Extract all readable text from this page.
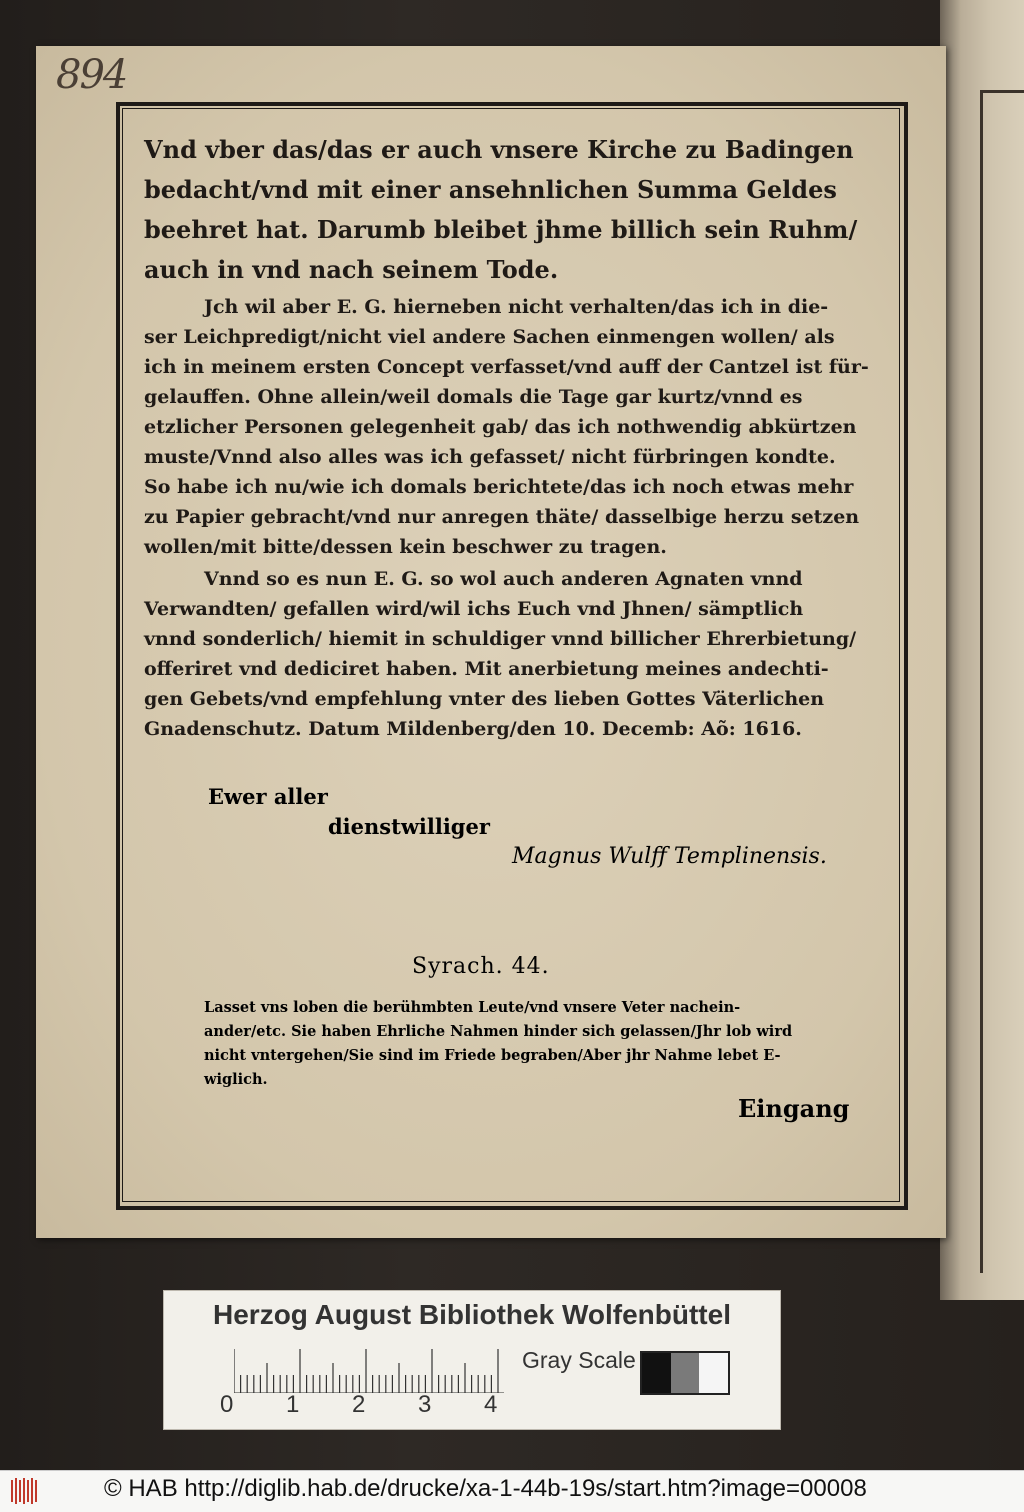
894
Vnd vber das/das er auch vnsere Kirche zu Badingen
bedacht/vnd mit einer ansehnlichen Summa Geldes
beehret hat. Darumb bleibet jhme billich sein Ruhm/
auch in vnd nach seinem Tode.
Jch wil aber E. G. hierneben nicht verhalten/das ich in die-
ser Leichpredigt/nicht viel andere Sachen einmengen wollen/ als
ich in meinem ersten Concept verfasset/vnd auff der Cantzel ist für-
gelauffen. Ohne allein/weil domals die Tage gar kurtz/vnnd es
etzlicher Personen gelegenheit gab/ das ich nothwendig abkürtzen
muste/Vnnd also alles was ich gefasset/ nicht fürbringen kondte.
So habe ich nu/wie ich domals berichtete/das ich noch etwas mehr
zu Papier gebracht/vnd nur anregen thäte/ dasselbige herzu setzen
wollen/mit bitte/dessen kein beschwer zu tragen.
Vnnd so es nun E. G. so wol auch anderen Agnaten vnnd
Verwandten/ gefallen wird/wil ichs Euch vnd Jhnen/ sämptlich
vnnd sonderlich/ hiemit in schuldiger vnnd billicher Ehrerbietung/
offeriret vnd dediciret haben. Mit anerbietung meines andechti-
gen Gebets/vnd empfehlung vnter des lieben Gottes Väterlichen
Gnadenschutz. Datum Mildenberg/den 10. Decemb: Aõ: 1616.
Ewer aller
dienstwilliger
Magnus Wulff Templinensis.
Syrach. 44.
Lasset vns loben die berühmbten Leute/vnd vnsere Veter nachein-
ander/etc. Sie haben Ehrliche Nahmen hinder sich gelassen/Jhr lob wird
nicht vntergehen/Sie sind im Friede begraben/Aber jhr Nahme lebet E-
wiglich.
Eingang
Herzog August Bibliothek Wolfenbüttel
0 1 2 3 4
Gray Scale
© HAB http://diglib.hab.de/drucke/xa-1-44b-19s/start.htm?image=00008
